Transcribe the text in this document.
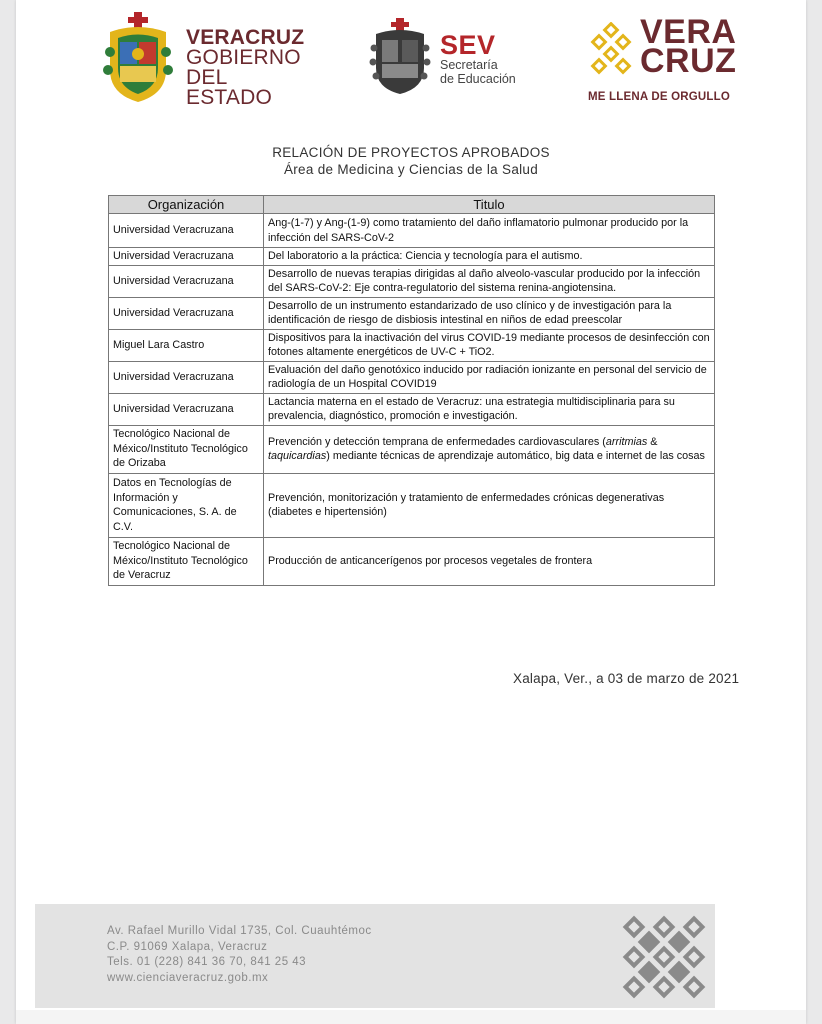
VERACRUZ
GOBIERNO
DEL ESTADO
SEV
Secretaría
de Educación
VERA
CRUZ
ME LLENA DE ORGULLO
RELACIÓN DE PROYECTOS APROBADOS
Área de Medicina y Ciencias de la Salud
Organización	Titulo
Universidad Veracruzana	Ang-(1-7) y Ang-(1-9) como tratamiento del daño inflamatorio pulmonar producido por la infección del SARS-CoV-2
Universidad Veracruzana	Del laboratorio a la práctica: Ciencia y tecnología para el autismo.
Universidad Veracruzana	Desarrollo de nuevas terapias dirigidas al daño alveolo-vascular producido por la infección del SARS-CoV-2: Eje contra-regulatorio del sistema renina-angiotensina.
Universidad Veracruzana	Desarrollo de un instrumento estandarizado de uso clínico y de investigación para la identificación de riesgo de disbiosis intestinal en niños de edad preescolar
Miguel Lara Castro	Dispositivos para la inactivación del virus COVID-19 mediante procesos de desinfección con fotones altamente energéticos de UV-C + TiO2.
Universidad Veracruzana	Evaluación del daño genotóxico inducido por radiación ionizante en personal del servicio de radiología de un Hospital COVID19
Universidad Veracruzana	Lactancia materna en el estado de Veracruz: una estrategia multidisciplinaria para su prevalencia, diagnóstico, promoción e investigación.
Tecnológico Nacional de México/Instituto Tecnológico de Orizaba	Prevención y detección temprana de enfermedades cardiovasculares (arritmias & taquicardias) mediante técnicas de aprendizaje automático, big data e internet de las cosas
Datos en Tecnologías de Información y Comunicaciones, S. A. de C.V.	Prevención, monitorización y tratamiento de enfermedades crónicas degenerativas (diabetes e hipertensión)
Tecnológico Nacional de México/Instituto Tecnológico de Veracruz	Producción de anticancerígenos por procesos vegetales de frontera
Xalapa, Ver., a 03 de marzo de 2021
Av. Rafael Murillo Vidal 1735, Col. Cuauhtémoc
C.P. 91069 Xalapa, Veracruz
Tels. 01 (228) 841 36 70, 841 25 43
www.cienciaveracruz.gob.mx
